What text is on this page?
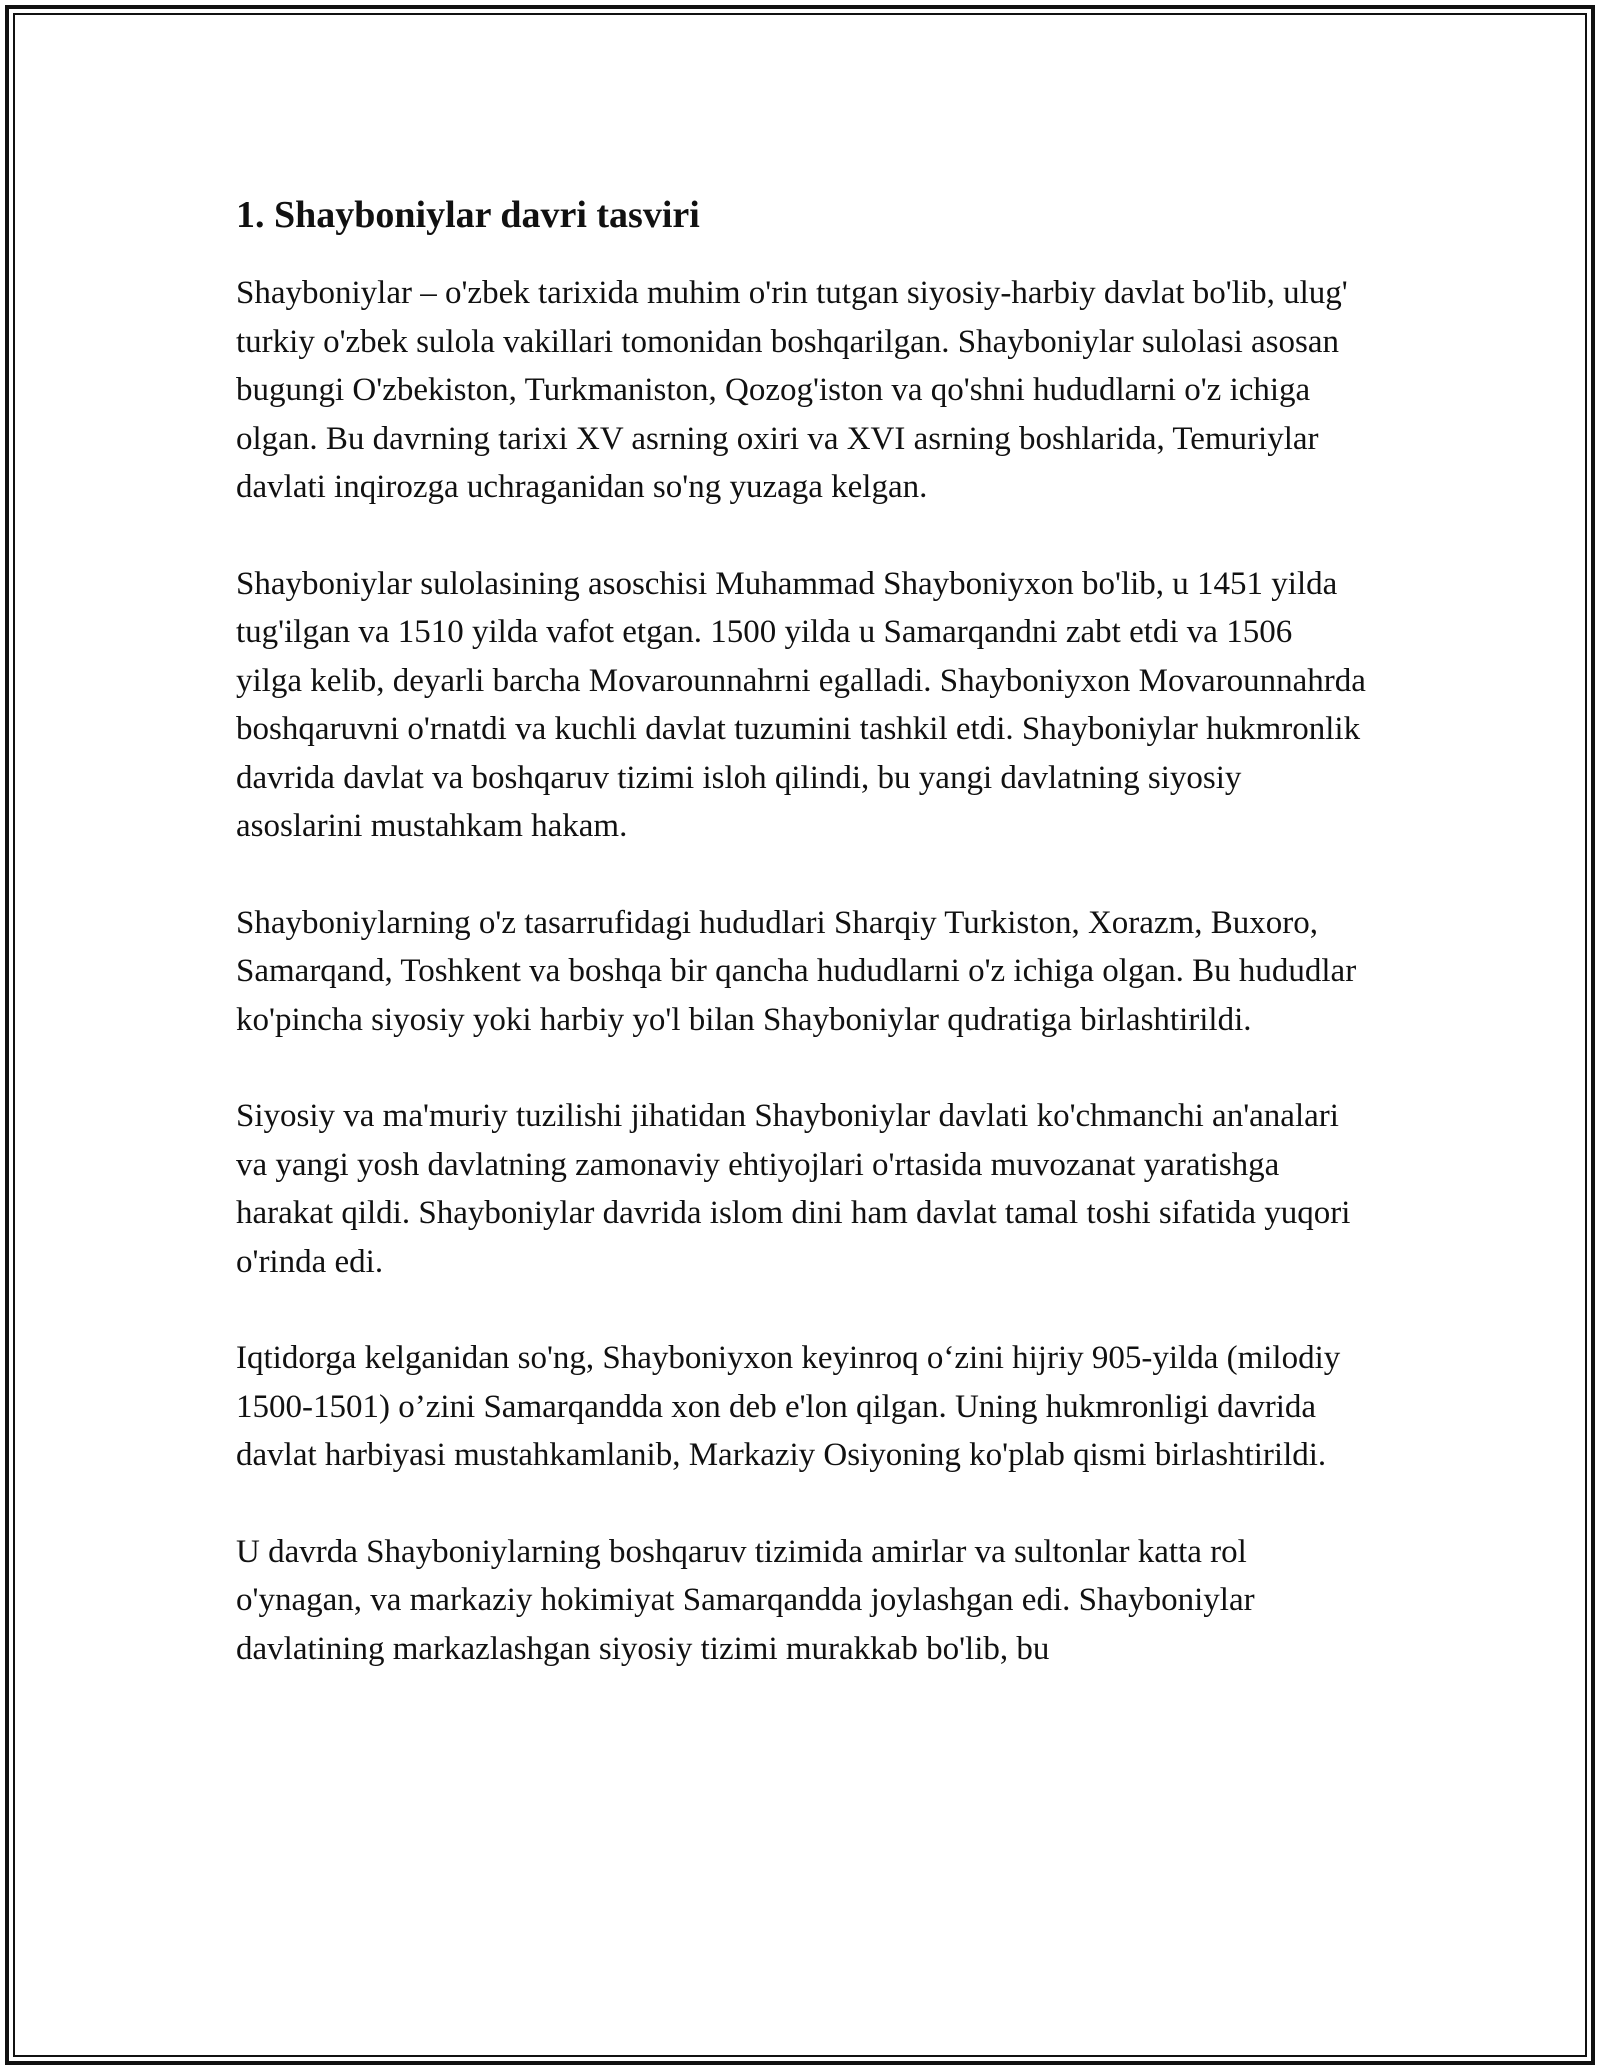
1. Shayboniylar davri tasviri

Shayboniylar – o'zbek tarixida muhim o'rin tutgan siyosiy-harbiy davlat bo'lib, ulug' turkiy o'zbek sulola vakillari tomonidan boshqarilgan. Shayboniylar sulolasi asosan bugungi O'zbekiston, Turkmaniston, Qozog'iston va qo'shni hududlarni o'z ichiga olgan. Bu davrning tarixi XV asrning oxiri va XVI asrning boshlarida, Temuriylar davlati inqirozga uchraganidan so'ng yuzaga kelgan.

Shayboniylar sulolasining asoschisi Muhammad Shayboniyxon bo'lib, u 1451 yilda tug'ilgan va 1510 yilda vafot etgan. 1500 yilda u Samarqandni zabt etdi va 1506 yilga kelib, deyarli barcha Movarounnahrni egalladi. Shayboniyxon Movarounnahrda boshqaruvni o'rnatdi va kuchli davlat tuzumini tashkil etdi. Shayboniylar hukmronlik davrida davlat va boshqaruv tizimi isloh qilindi, bu yangi davlatning siyosiy asoslarini mustahkam hakam.

Shayboniylarning o'z tasarrufidagi hududlari Sharqiy Turkiston, Xorazm, Buxoro, Samarqand, Toshkent va boshqa bir qancha hududlarni o'z ichiga olgan. Bu hududlar ko'pincha siyosiy yoki harbiy yo'l bilan Shayboniylar qudratiga birlashtirildi.

Siyosiy va ma'muriy tuzilishi jihatidan Shayboniylar davlati ko'chmanchi an'analari va yangi yosh davlatning zamonaviy ehtiyojlari o'rtasida muvozanat yaratishga harakat qildi. Shayboniylar davrida islom dini ham davlat tamal toshi sifatida yuqori o'rinda edi.

Iqtidorga kelganidan so'ng, Shayboniyxon keyinroq o‘zini hijriy 905-yilda (milodiy 1500-1501) o’zini Samarqandda xon deb e'lon qilgan. Uning hukmronligi davrida davlat harbiyasi mustahkamlanib, Markaziy Osiyoning ko'plab qismi birlashtirildi.

U davrda Shayboniylarning boshqaruv tizimida amirlar va sultonlar katta rol o'ynagan, va markaziy hokimiyat Samarqandda joylashgan edi. Shayboniylar davlatining markazlashgan siyosiy tizimi murakkab bo'lib, bu
